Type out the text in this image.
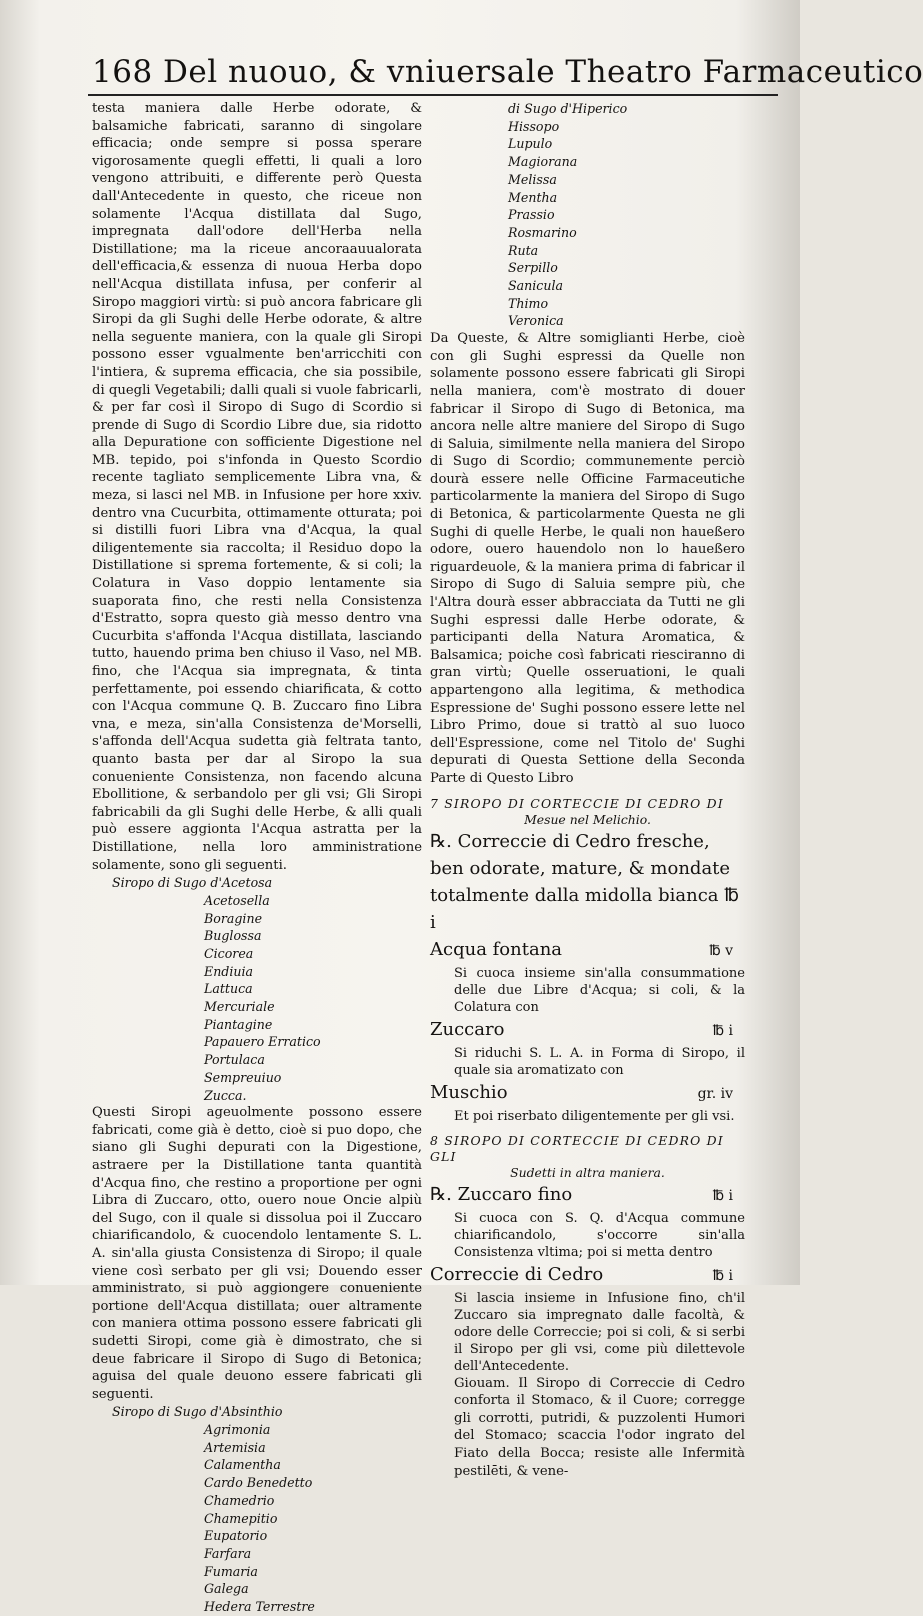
168 Del nuouo, & vniuersale Theatro Farmaceutico

testa maniera dalle Herbe odorate, & balsamiche fabricati, saranno di singolare efficacia; onde sempre si possa sperare vigorosamente quegli effetti, li quali a loro vengono attribuiti, e differente però Questa dall'Antecedente in questo, che riceue non solamente l'Acqua distillata dal Sugo, impregnata dall'odore dell'Herba nella Distillatione; ma la riceue ancoraauualorata dell'efficacia,& essenza di nuoua Herba dopo nell'Acqua distillata infusa, per conferir al Siropo maggiori virtù: si può ancora fabricare gli Siropi da gli Sughi delle Herbe odorate, & altre nella seguente maniera, con la quale gli Siropi possono esser vgualmente ben'arricchiti con l'intiera, & suprema efficacia, che sia possibile, di quegli Vegetabili; dalli quali si vuole fabricarli, & per far così il Siropo di Sugo di Scordio si prende di Sugo di Scordio Libre due, sia ridotto alla Depuratione con sofficiente Digestione nel MB. tepido, poi s'infonda in Questo Scordio recente tagliato semplicemente Libra vna, & meza, si lasci nel MB. in Infusione per hore xxiv. dentro vna Cucurbita, ottimamente otturata; poi si distilli fuori Libra vna d'Acqua, la qual diligentemente sia raccolta; il Residuo dopo la Distillatione si sprema fortemente, & si coli; la Colatura in Vaso doppio lentamente sia suaporata fino, che resti nella Consistenza d'Estratto, sopra questo già messo dentro vna Cucurbita s'affonda l'Acqua distillata, lasciando tutto, hauendo prima ben chiuso il Vaso, nel MB. fino, che l'Acqua sia impregnata, & tinta perfettamente, poi essendo chiarificata, & cotto con l'Acqua commune Q. B. Zuccaro fino Libra vna, e meza, sin'alla Consistenza de'Morselli, s'affonda dell'Acqua sudetta già feltrata tanto, quanto basta per dar al Siropo la sua conueniente Consistenza, non facendo alcuna Ebollitione, & serbandolo per gli vsi; Gli Siropi fabricabili da gli Sughi delle Herbe, & alli quali può essere aggionta l'Acqua astratta per la Distillatione, nella loro amministratione solamente, sono gli seguenti.

Siropo di Sugo d'Acetosa
Acetosella
Boragine
Buglossa
Cicorea
Endiuia
Lattuca
Mercuriale
Piantagine
Papauero Erratico
Portulaca
Sempreuiuo
Zucca.

Questi Siropi ageuolmente possono essere fabricati, come già è detto, cioè si puo dopo, che siano gli Sughi depurati con la Digestione, astraere per la Distillatione tanta quantità d'Acqua fino, che restino a proportione per ogni Libra di Zuccaro, otto, ouero noue Oncie alpiù del Sugo, con il quale si dissolua poi il Zuccaro chiarificandolo, & cuocendolo lentamente S. L. A. sin'alla giusta Consistenza di Siropo; il quale viene così serbato per gli vsi; Douendo esser amministrato, si può aggiongere conueniente portione dell'Acqua distillata; ouer altramente con maniera ottima possono essere fabricati gli sudetti Siropi, come già è dimostrato, che si deue fabricare il Siropo di Sugo di Betonica; aguisa del quale deuono essere fabricati gli seguenti.

Siropo di Sugo d'Absinthio
Agrimonia
Artemisia
Calamentha
Cardo Benedetto
Chamedrio
Chamepitio
Eupatorio
Farfara
Fumaria
Galega
Hedera Terrestre
di Sugo d'Hiperico
Hissopo
Lupulo
Magiorana
Melissa
Mentha
Prassio
Rosmarino
Ruta
Serpillo
Sanicula
Thimo
Veronica

Da Queste, & Altre somiglianti Herbe, cioè con gli Sughi espressi da Quelle non solamente possono essere fabricati gli Siropi nella maniera, com'è mostrato di douer fabricar il Siropo di Sugo di Betonica, ma ancora nelle altre maniere del Siropo di Sugo di Saluia, similmente nella maniera del Siropo di Sugo di Scordio; communemente perciò dourà essere nelle Officine Farmaceutiche particolarmente la maniera del Siropo di Sugo di Betonica, & particolarmente Questa ne gli Sughi di quelle Herbe, le quali non haueßero odore, ouero hauendolo non lo haueßero riguardeuole, & la maniera prima di fabricar il Siropo di Sugo di Saluia sempre più, che l'Altra dourà esser abbracciata da Tutti ne gli Sughi espressi dalle Herbe odorate, & participanti della Natura Aromatica, & Balsamica; poiche così fabricati riesciranno di gran virtù; Quelle osseruationi, le quali appartengono alla legitima, & methodica Espressione de' Sughi possono essere lette nel Libro Primo, doue si trattò al suo luoco dell'Espressione, come nel Titolo de' Sughi depurati di Questa Settione della Seconda Parte di Questo Libro

7 SIROPO DI CORTECCIE DI CEDRO DI
Mesue nel Melichio.
℞. Correccie di Cedro fresche, ben odorate, mature, & mondate totalmente dalla midolla bianca ℔ i
Acqua fontana	℔ v

Si cuoca insieme sin'alla consummatione delle due Libre d'Acqua; si coli, & la Colatura con

Zuccaro	℔ i

Si riduchi S. L. A. in Forma di Siropo, il quale sia aromatizato con

Muschio	gr. iv

Et poi riserbato diligentemente per gli vsi.

8 SIROPO DI CORTECCIE DI CEDRO DI GLI
Sudetti in altra maniera.
℞. Zuccaro fino	℔ i

Si cuoca con S. Q. d'Acqua commune chiarificandolo, s'occorre sin'alla Consistenza vltima; poi si metta dentro

Correccie di Cedro	℔ i

Si lascia insieme in Infusione fino, ch'il Zuccaro sia impregnato dalle facoltà, & odore delle Correccie; poi si coli, & si serbi il Siropo per gli vsi, come più dilettevole dell'Antecedente.

Giouam. Il Siropo di Correccie di Cedro conforta il Stomaco, & il Cuore; corregge gli corrotti, putridi, & puzzolenti Humori del Stomaco; scaccia l'odor ingrato del Fiato della Bocca; resiste alle Infermità pestilēti, & vene-
